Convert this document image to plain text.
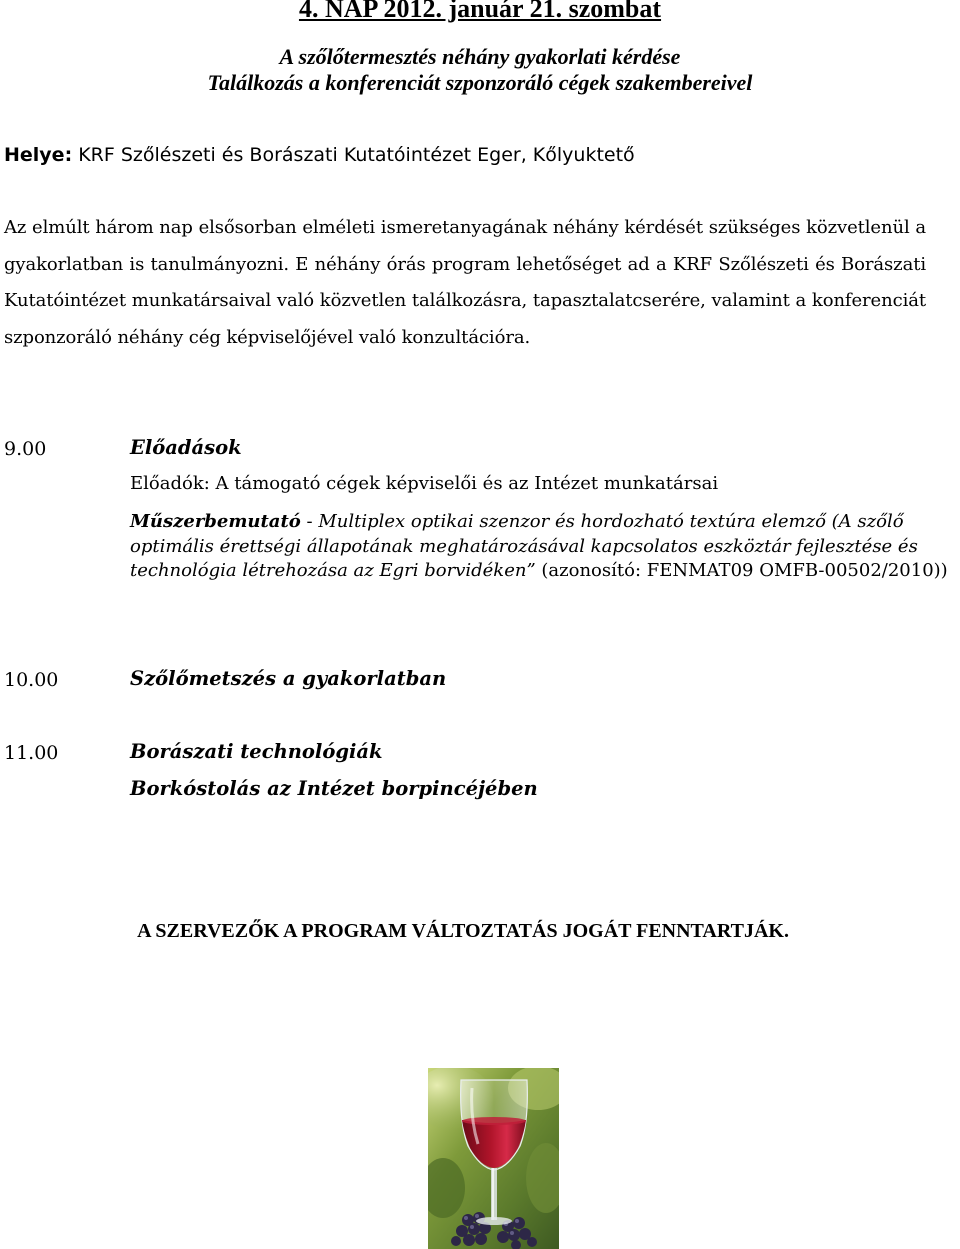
4. NAP 2012. január 21. szombat
A szőlőtermesztés néhány gyakorlati kérdése
Találkozás a konferenciát szponzoráló cégek szakembereivel
Helye: KRF Szőlészeti és Borászati Kutatóintézet Eger, Kőlyuktető
Az elmúlt három nap elsősorban elméleti ismeretanyagának néhány kérdését szükséges közvetlenül a gyakorlatban is tanulmányozni. E néhány órás program lehetőséget ad a KRF Szőlészeti és Borászati Kutatóintézet munkatársaival való közvetlen találkozásra, tapasztalatcserére, valamint a konferenciát szponzoráló néhány cég képviselőjével való konzultációra.
9.00	Előadások
Előadók: A támogató cégek képviselői és az Intézet munkatársai
Műszerbemutató - Multiplex optikai szenzor és hordozható textúra elemző (A szőlő optimális érettségi állapotának meghatározásával kapcsolatos eszköztár fejlesztése és technológia létrehozása az Egri borvidéken” (azonosító: FENMAT09 OMFB-00502/2010))
10.00	Szőlőmetszés a gyakorlatban
11.00	Borászati technológiák
Borkóstolás az Intézet borpincéjében
A SZERVEZŐK A PROGRAM VÁLTOZTATÁS JOGÁT FENNTARTJÁK.
